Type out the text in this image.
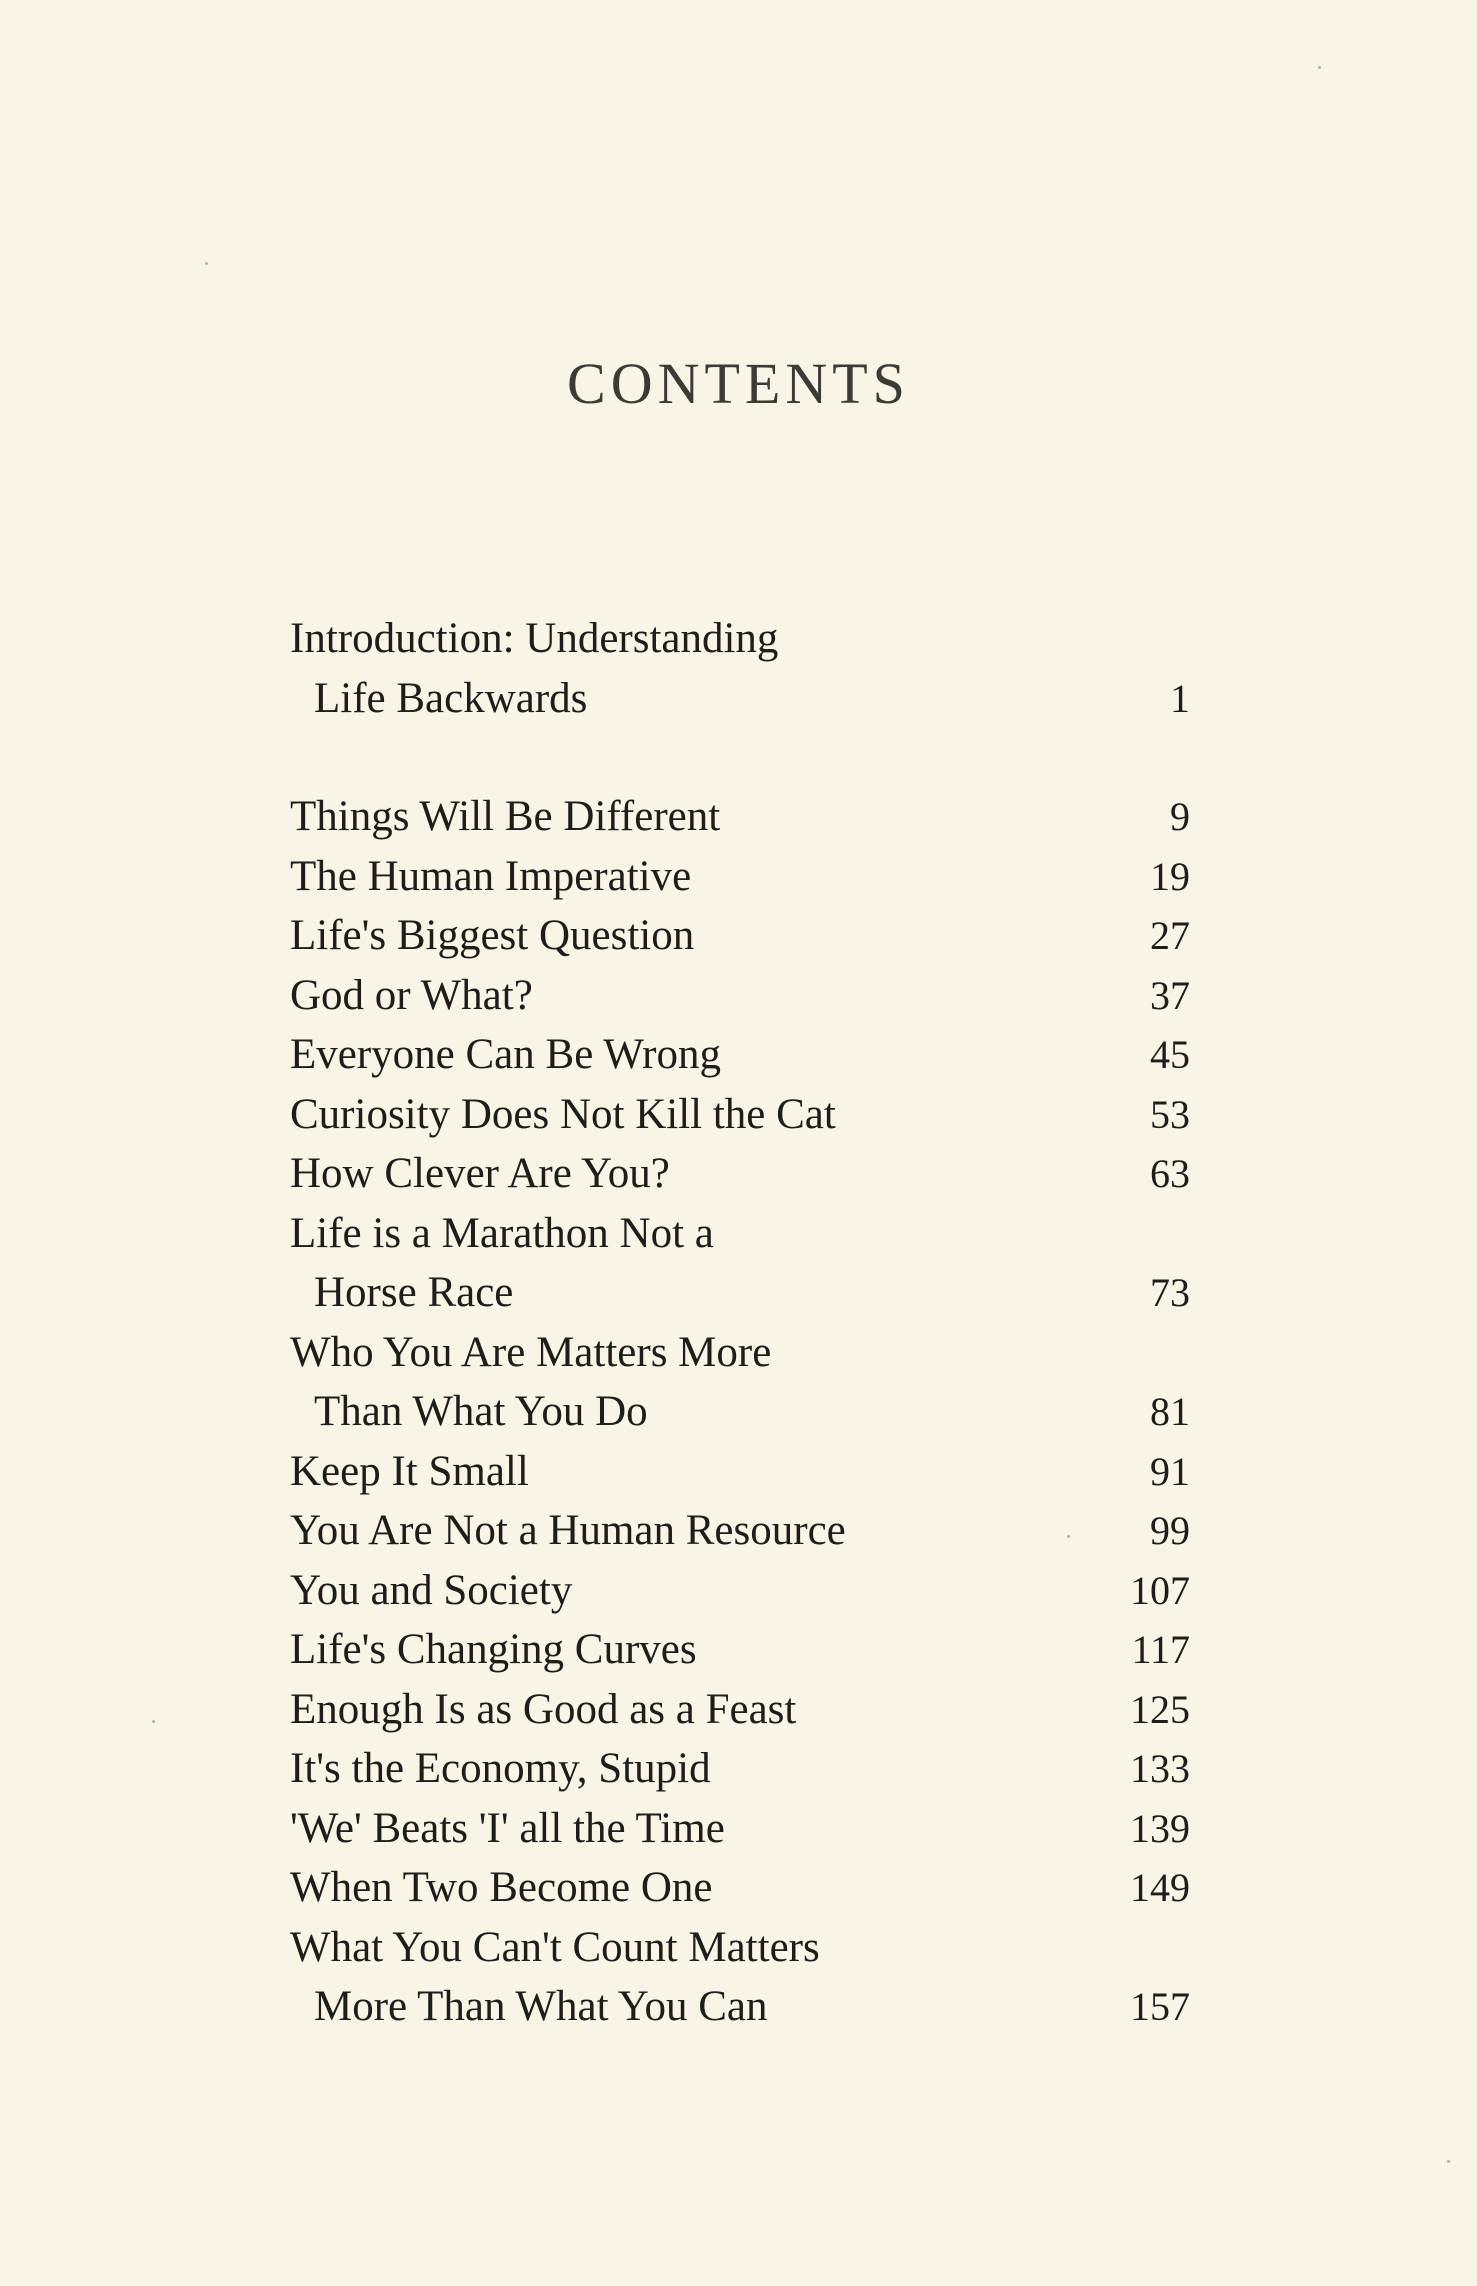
CONTENTS
Introduction: Understanding
Life Backwards	1
Things Will Be Different	9
The Human Imperative	19
Life's Biggest Question	27
God or What?	37
Everyone Can Be Wrong	45
Curiosity Does Not Kill the Cat	53
How Clever Are You?	63
Life is a Marathon Not a
Horse Race	73
Who You Are Matters More
Than What You Do	81
Keep It Small	91
You Are Not a Human Resource	99
You and Society	107
Life's Changing Curves	117
Enough Is as Good as a Feast	125
It's the Economy, Stupid	133
'We' Beats 'I' all the Time	139
When Two Become One	149
What You Can't Count Matters
More Than What You Can	157
